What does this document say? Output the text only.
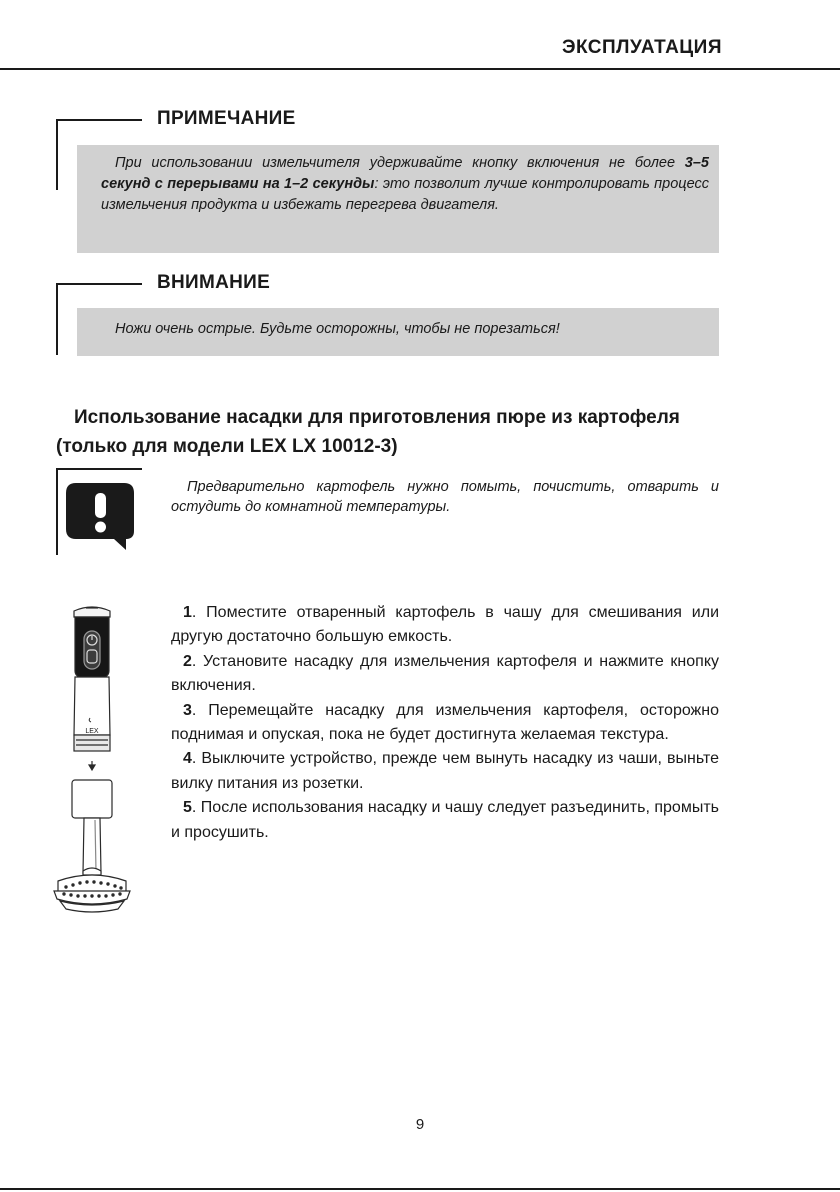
ЭКСПЛУАТАЦИЯ
ПРИМЕЧАНИЕ
При использовании измельчителя удерживайте кнопку включения не более 3–5 секунд с перерывами на 1–2 секунды: это позволит лучше контролировать процесс измельчения продукта и избежать перегрева двигателя.
ВНИМАНИЕ
Ножи очень острые. Будьте осторожны, чтобы не порезаться!
Использование насадки для приготовления пюре из картофеля
(только для модели LEX LX 10012-3)
Предварительно картофель нужно помыть, почистить, отварить и остудить до комнатной температуры.
LEX

1. Поместите отваренный картофель в чашу для смешивания или другую достаточно большую емкость.

2. Установите насадку для измельчения картофеля и нажмите кнопку включения.

3. Перемещайте насадку для измельчения картофеля, осторожно поднимая и опуская, пока не будет достигнута желаемая текстура.

4. Выключите устройство, прежде чем вынуть насадку из чаши, выньте вилку питания из розетки.

5. После использования насадку и чашу следует разъединить, промыть и просушить.

9
